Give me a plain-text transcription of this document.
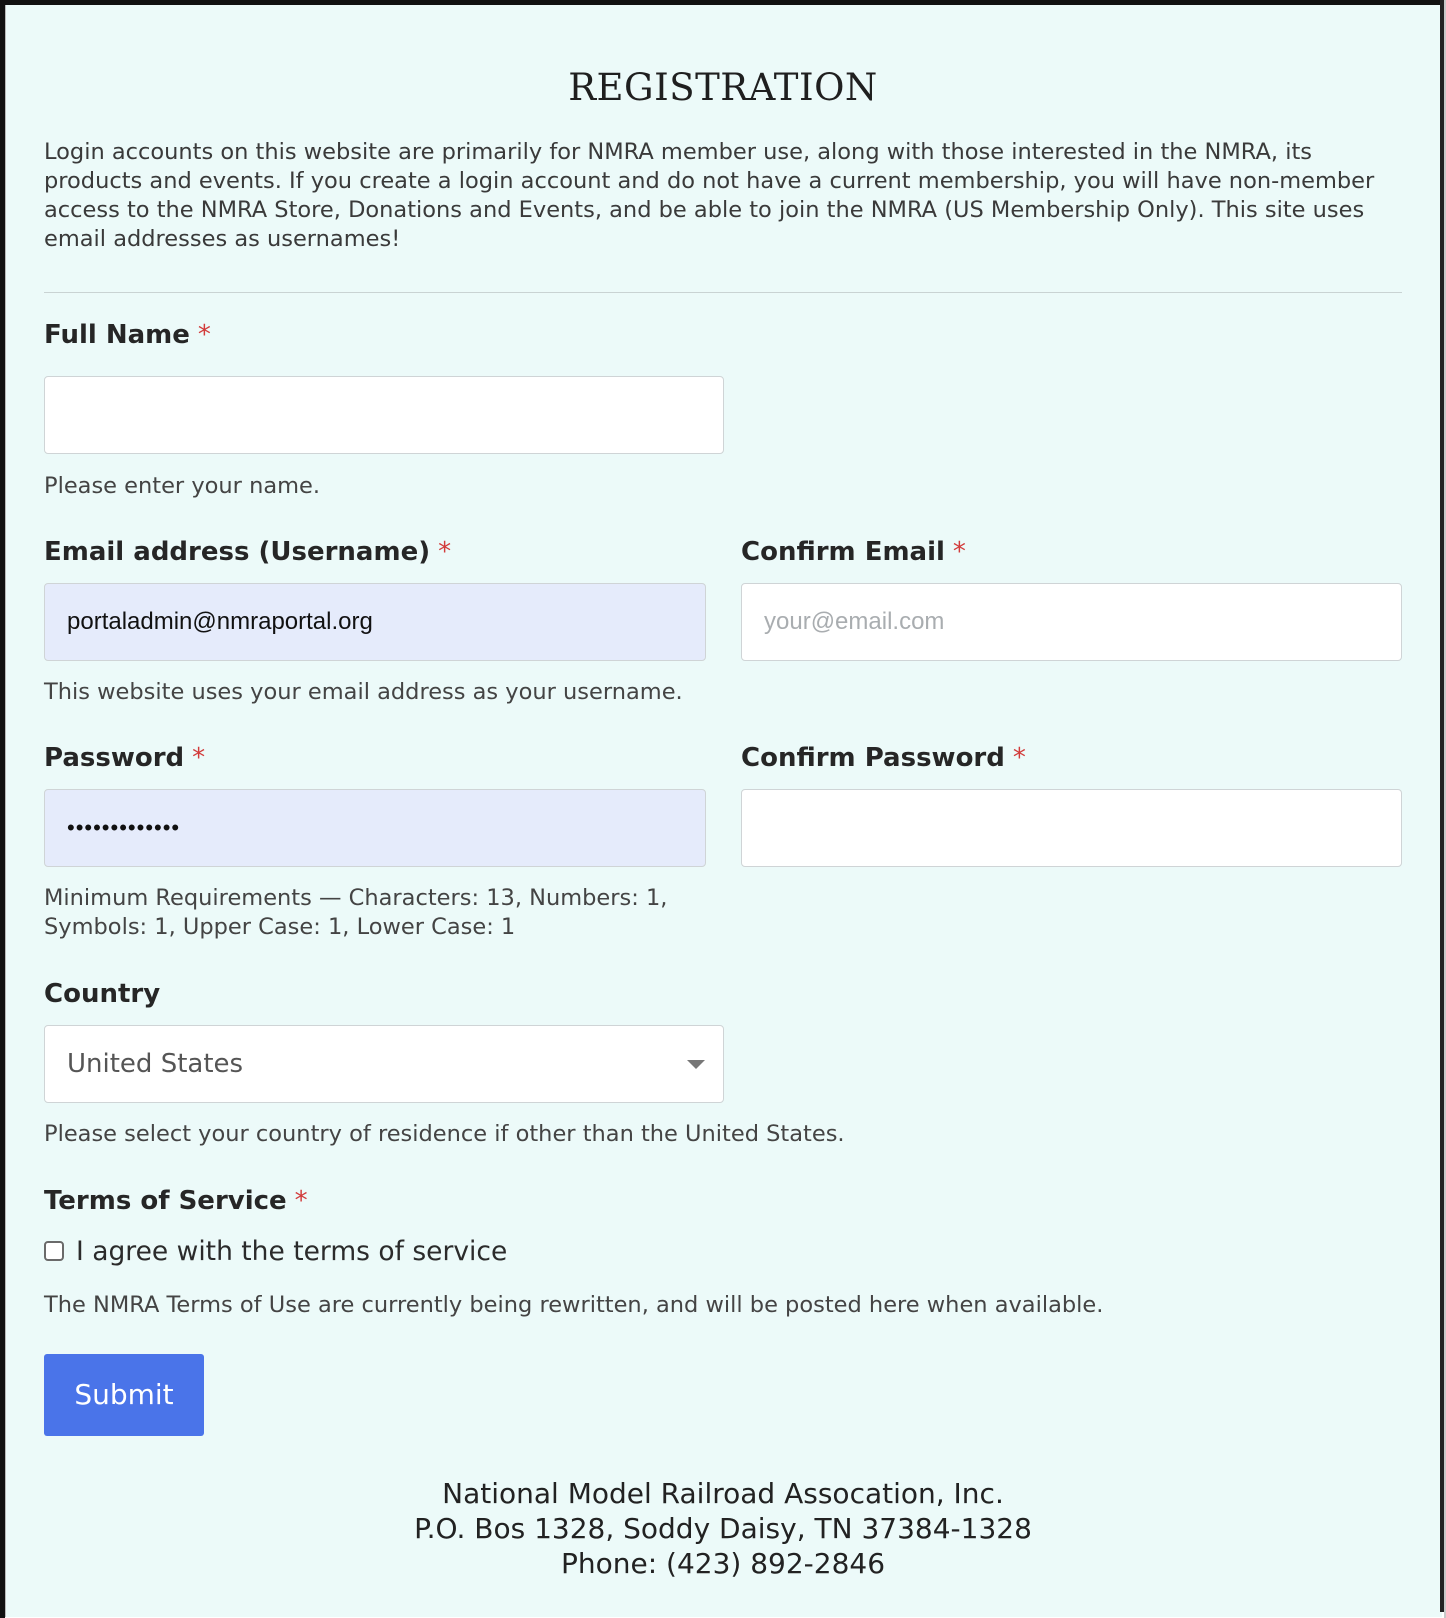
REGISTRATION
Login accounts on this website are primarily for NMRA member use, along with those interested in the NMRA, its products and events. If you create a login account and do not have a current membership, you will have non-member access to the NMRA Store, Donations and Events, and be able to join the NMRA (US Membership Only). This site uses email addresses as usernames!
Full Name *
Please enter your name.
Email address (Username) *
portaladmin@nmraportal.org
This website uses your email address as your username.
Confirm Email *
your@email.com
Password *
•••••••••••••
Minimum Requirements — Characters: 13, Numbers: 1,
Symbols: 1, Upper Case: 1, Lower Case: 1
Confirm Password *
Country
United States
Please select your country of residence if other than the United States.
Terms of Service *
I agree with the terms of service
The NMRA Terms of Use are currently being rewritten, and will be posted here when available.
Submit
National Model Railroad Assocation, Inc.
P.O. Bos 1328, Soddy Daisy, TN 37384-1328
Phone: (423) 892-2846
